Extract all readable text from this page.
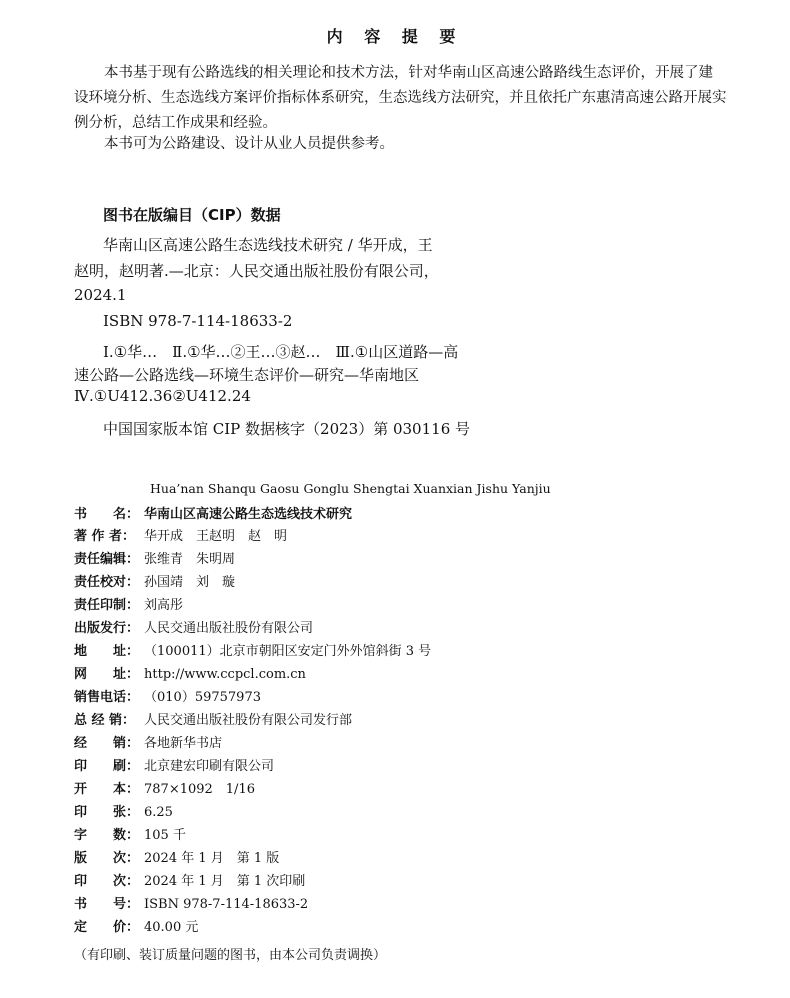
内 容 提 要
本书基于现有公路选线的相关理论和技术方法，针对华南山区高速公路路线生态评价，开展了建
设环境分析、生态选线方案评价指标体系研究，生态选线方法研究，并且依托广东惠清高速公路开展实
例分析，总结工作成果和经验。
本书可为公路建设、设计从业人员提供参考。
图书在版编目（CIP）数据
华南山区高速公路生态选线技术研究 / 华开成，王
赵明，赵明著.—北京：人民交通出版社股份有限公司，
2024.1
ISBN 978-7-114-18633-2
Ⅰ.①华…　Ⅱ.①华…②王…③赵…　Ⅲ.①山区道路—高
速公路—公路选线—环境生态评价—研究—华南地区
Ⅳ.①U412.36②U412.24
中国国家版本馆 CIP 数据核字（2023）第 030116 号
Hua’nan Shanqu Gaosu Gonglu Shengtai Xuanxian Jishu Yanjiu
书　　名： 华南山区高速公路生态选线技术研究
著 作 者： 华开成　王赵明　赵　明
责任编辑： 张维青　朱明周
责任校对： 孙国靖　刘　璇
责任印制： 刘高彤
出版发行： 人民交通出版社股份有限公司
地　　址： （100011）北京市朝阳区安定门外外馆斜街 3 号
网　　址： http://www.ccpcl.com.cn
销售电话： （010）59757973
总 经 销： 人民交通出版社股份有限公司发行部
经　　销： 各地新华书店
印　　刷： 北京建宏印刷有限公司
开　　本： 787×1092　1/16
印　　张： 6.25
字　　数： 105 千
版　　次： 2024 年 1 月　第 1 版
印　　次： 2024 年 1 月　第 1 次印刷
书　　号： ISBN 978-7-114-18633-2
定　　价： 40.00 元
（有印刷、装订质量问题的图书，由本公司负责调换）
